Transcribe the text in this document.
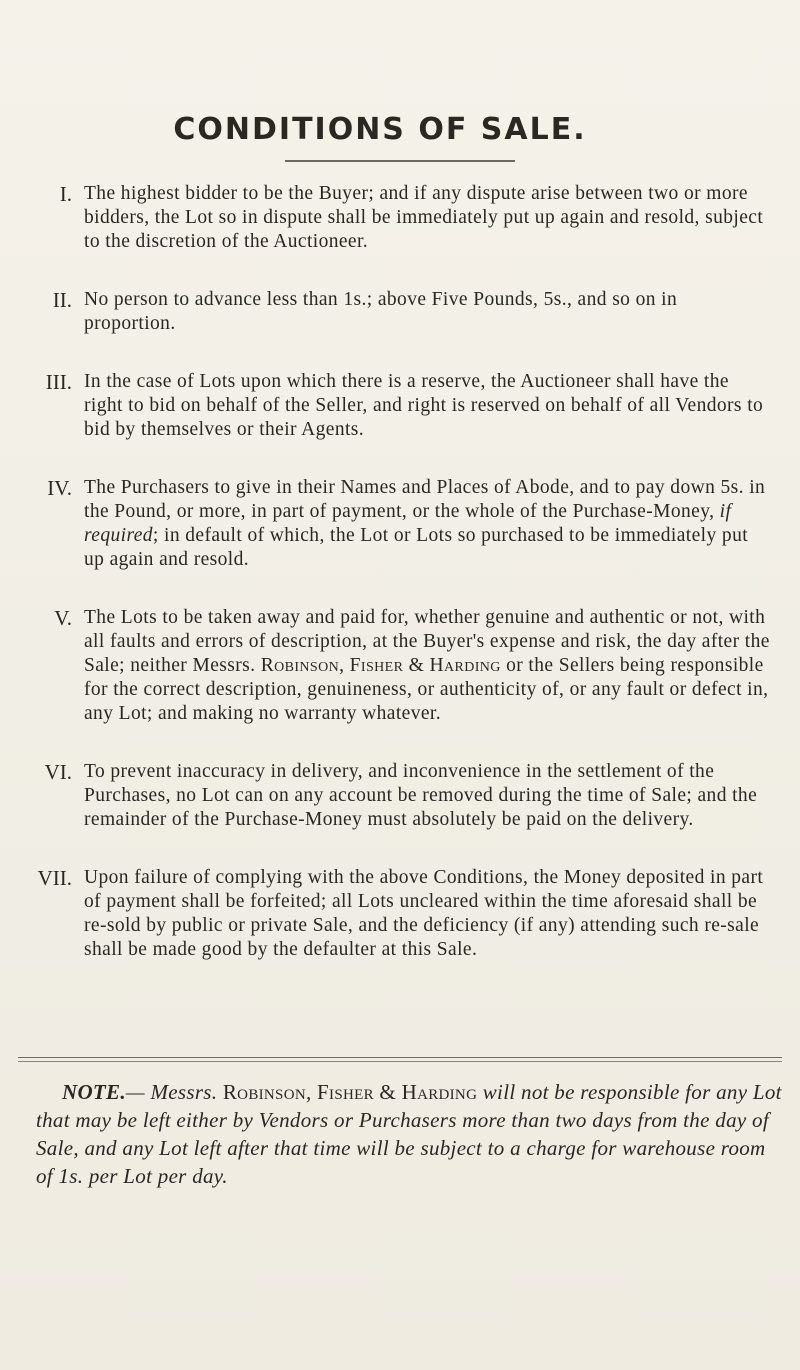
CONDITIONS OF SALE.
I. The highest bidder to be the Buyer; and if any dispute arise between two or more bidders, the Lot so in dispute shall be immediately put up again and resold, subject to the discretion of the Auctioneer.
II. No person to advance less than 1s.; above Five Pounds, 5s., and so on in proportion.
III. In the case of Lots upon which there is a reserve, the Auctioneer shall have the right to bid on behalf of the Seller, and right is reserved on behalf of all Vendors to bid by themselves or their Agents.
IV. The Purchasers to give in their Names and Places of Abode, and to pay down 5s. in the Pound, or more, in part of payment, or the whole of the Purchase-Money, if required; in default of which, the Lot or Lots so purchased to be immediately put up again and resold.
V. The Lots to be taken away and paid for, whether genuine and authentic or not, with all faults and errors of description, at the Buyer's expense and risk, the day after the Sale; neither Messrs. Robinson, Fisher & Harding or the Sellers being responsible for the correct description, genuineness, or authenticity of, or any fault or defect in, any Lot; and making no warranty whatever.
VI. To prevent inaccuracy in delivery, and inconvenience in the settlement of the Purchases, no Lot can on any account be removed during the time of Sale; and the remainder of the Purchase-Money must absolutely be paid on the delivery.
VII. Upon failure of complying with the above Conditions, the Money deposited in part of payment shall be forfeited; all Lots uncleared within the time aforesaid shall be re-sold by public or private Sale, and the deficiency (if any) attending such re-sale shall be made good by the defaulter at this Sale.
NOTE.— Messrs. Robinson, Fisher & Harding will not be responsible for any Lot that may be left either by Vendors or Purchasers more than two days from the day of Sale, and any Lot left after that time will be subject to a charge for warehouse room of 1s. per Lot per day.
